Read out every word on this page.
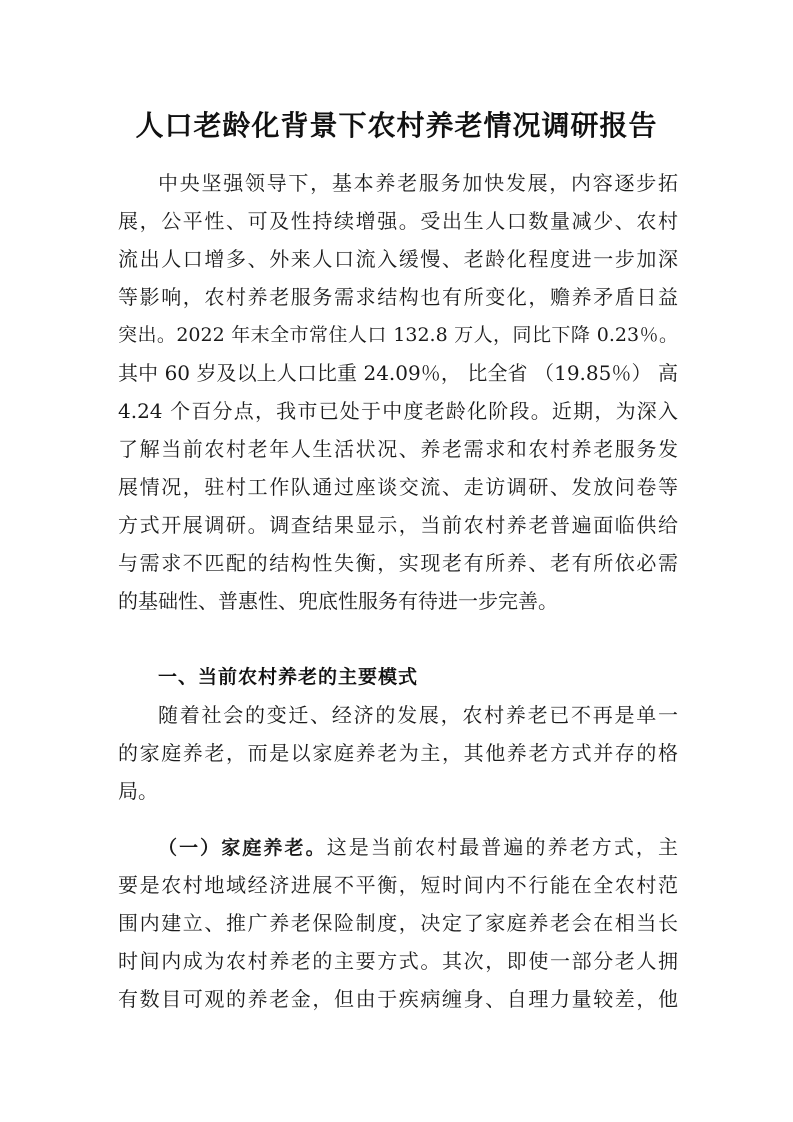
人口老龄化背景下农村养老情况调研报告
中央坚强领导下，基本养老服务加快发展，内容逐步拓
展，公平性、可及性持续增强。受出生人口数量减少、农村
流出人口增多、外来人口流入缓慢、老龄化程度进一步加深
等影响，农村养老服务需求结构也有所变化，赡养矛盾日益
突出。2022 年末全市常住人口 132.8 万人，同比下降 0.23％。
其中 60 岁及以上人口比重 24.09％， 比全省 （19.85％） 高
4.24 个百分点，我市已处于中度老龄化阶段。近期，为深入
了解当前农村老年人生活状况、养老需求和农村养老服务发
展情况，驻村工作队通过座谈交流、走访调研、发放问卷等
方式开展调研。调查结果显示，当前农村养老普遍面临供给
与需求不匹配的结构性失衡，实现老有所养、老有所依必需
的基础性、普惠性、兜底性服务有待进一步完善。
一、当前农村养老的主要模式
随着社会的变迁、经济的发展，农村养老已不再是单一
的家庭养老，而是以家庭养老为主，其他养老方式并存的格
局。
（一）家庭养老。这是当前农村最普遍的养老方式，主
要是农村地域经济进展不平衡，短时间内不行能在全农村范
围内建立、推广养老保险制度，决定了家庭养老会在相当长
时间内成为农村养老的主要方式。其次，即使一部分老人拥
有数目可观的养老金，但由于疾病缠身、自理力量较差，他
